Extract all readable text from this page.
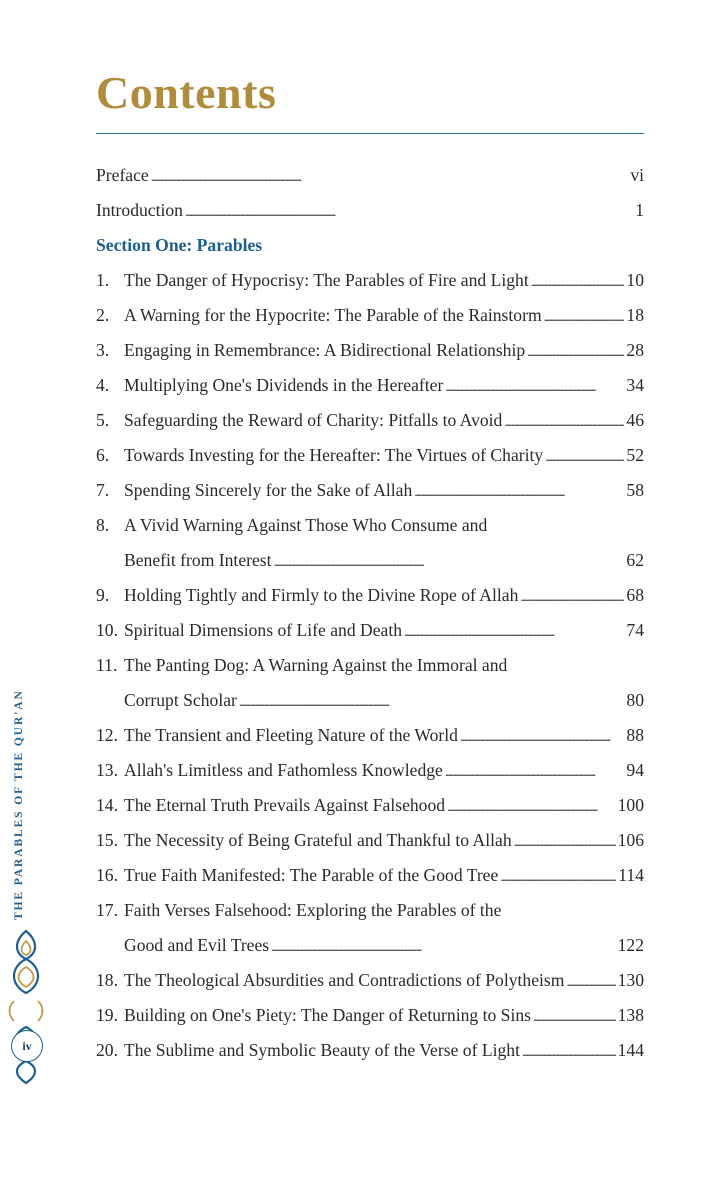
Contents
Preface . . .	vi
Introduction . . .	1
Section One: Parables
1. The Danger of Hypocrisy: The Parables of Fire and Light . . .	10
2. A Warning for the Hypocrite: The Parable of the Rainstorm . . .	18
3. Engaging in Remembrance: A Bidirectional Relationship . . .	28
4. Multiplying One's Dividends in the Hereafter . . .	34
5. Safeguarding the Reward of Charity: Pitfalls to Avoid . . .	46
6. Towards Investing for the Hereafter: The Virtues of Charity . . .	52
7. Spending Sincerely for the Sake of Allah . . .	58
8. A Vivid Warning Against Those Who Consume and
Benefit from Interest . . .	62
9. Holding Tightly and Firmly to the Divine Rope of Allah . . .	68
10. Spiritual Dimensions of Life and Death . . .	74
11. The Panting Dog: A Warning Against the Immoral and
Corrupt Scholar . . .	80
12. The Transient and Fleeting Nature of the World . . .	88
13. Allah's Limitless and Fathomless Knowledge . . .	94
14. The Eternal Truth Prevails Against Falsehood . . .	100
15. The Necessity of Being Grateful and Thankful to Allah . . .	106
16. True Faith Manifested: The Parable of the Good Tree . . .	114
17. Faith Verses Falsehood: Exploring the Parables of the
Good and Evil Trees . . .	122
18. The Theological Absurdities and Contradictions of Polytheism . . .	130
19. Building on One's Piety: The Danger of Returning to Sins . . .	138
20. The Sublime and Symbolic Beauty of the Verse of Light . . .	144
THE PARABLES OF THE QUR'AN
iv
